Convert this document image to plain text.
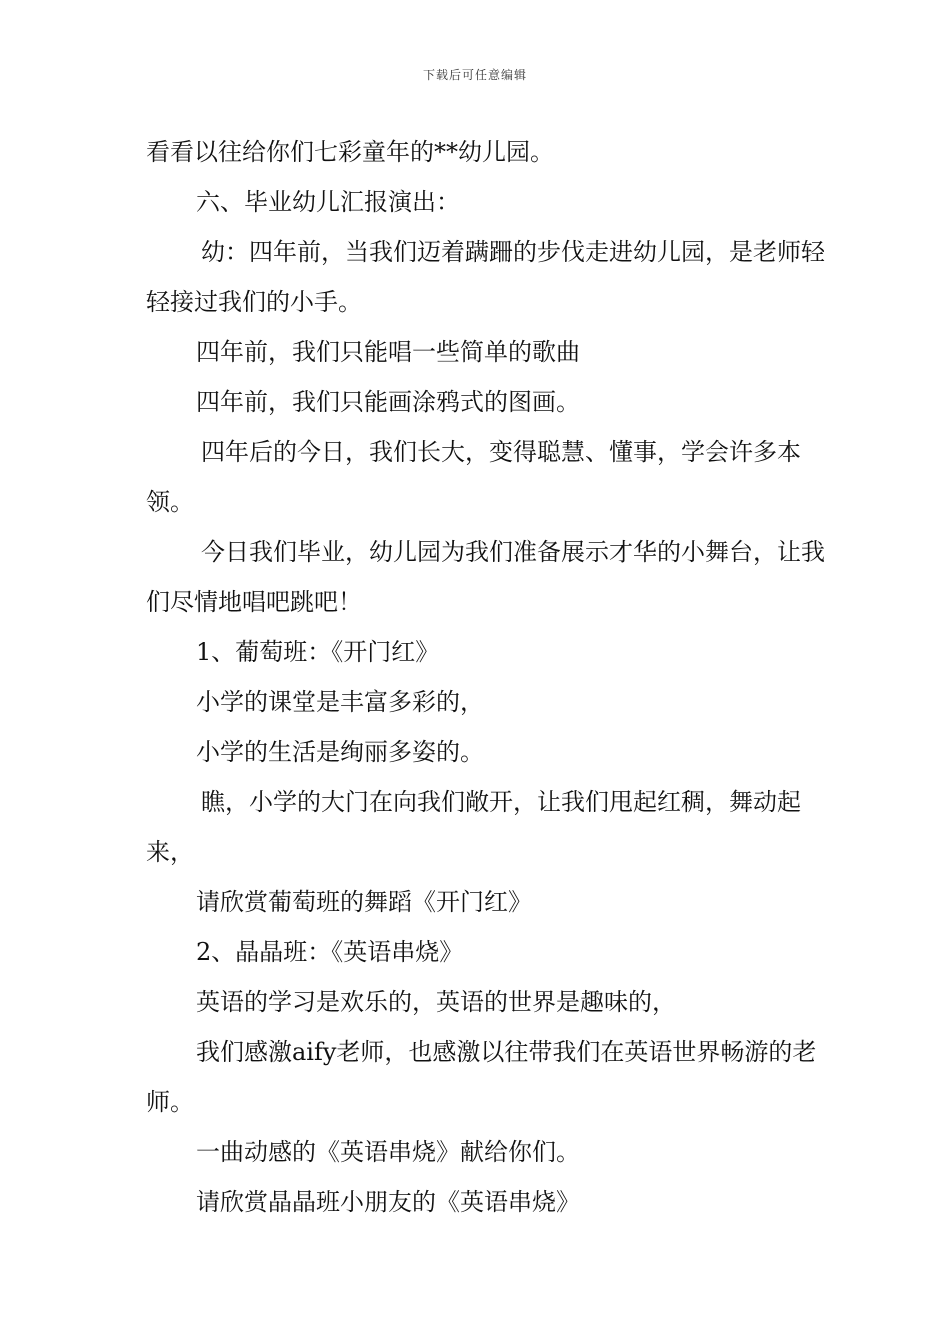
下载后可任意编辑

看看以往给你们七彩童年的**幼儿园。

六、毕业幼儿汇报演出：

幼：四年前，当我们迈着蹒跚的步伐走进幼儿园，是老师轻轻接过我们的小手。

四年前，我们只能唱一些简单的歌曲

四年前，我们只能画涂鸦式的图画。

四年后的今日，我们长大，变得聪慧、懂事，学会许多本领。

今日我们毕业，幼儿园为我们准备展示才华的小舞台，让我们尽情地唱吧跳吧！

1、葡萄班：《开门红》

小学的课堂是丰富多彩的，

小学的生活是绚丽多姿的。

瞧，小学的大门在向我们敞开，让我们甩起红稠，舞动起来，

请欣赏葡萄班的舞蹈《开门红》

2、晶晶班：《英语串烧》

英语的学习是欢乐的，英语的世界是趣味的，

我们感激aify老师，也感激以往带我们在英语世界畅游的老师。

一曲动感的《英语串烧》献给你们。

请欣赏晶晶班小朋友的《英语串烧》
